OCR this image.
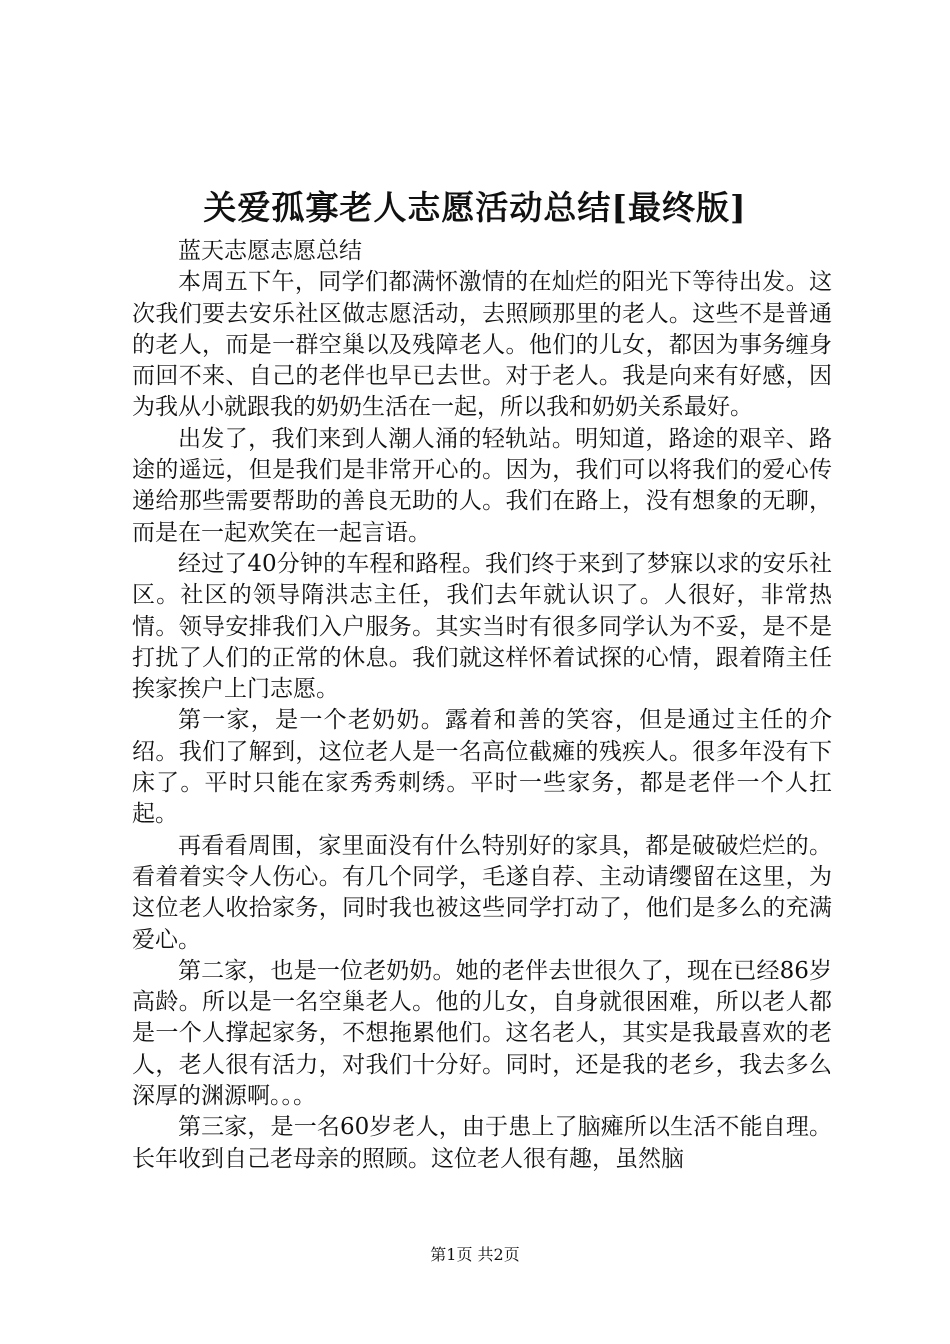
关爱孤寡老人志愿活动总结[最终版]

蓝天志愿志愿总结

本周五下午，同学们都满怀激情的在灿烂的阳光下等待出发。这次我们要去安乐社区做志愿活动，去照顾那里的老人。这些不是普通的老人，而是一群空巢以及残障老人。他们的儿女，都因为事务缠身而回不来、自己的老伴也早已去世。对于老人。我是向来有好感，因为我从小就跟我的奶奶生活在一起，所以我和奶奶关系最好。

出发了，我们来到人潮人涌的轻轨站。明知道，路途的艰辛、路途的遥远，但是我们是非常开心的。因为，我们可以将我们的爱心传递给那些需要帮助的善良无助的人。我们在路上，没有想象的无聊，而是在一起欢笑在一起言语。

经过了40分钟的车程和路程。我们终于来到了梦寐以求的安乐社区。社区的领导隋洪志主任，我们去年就认识了。人很好，非常热情。领导安排我们入户服务。其实当时有很多同学认为不妥，是不是打扰了人们的正常的休息。我们就这样怀着试探的心情，跟着隋主任挨家挨户上门志愿。

第一家，是一个老奶奶。露着和善的笑容，但是通过主任的介绍。我们了解到，这位老人是一名高位截瘫的残疾人。很多年没有下床了。平时只能在家秀秀刺绣。平时一些家务，都是老伴一个人扛起。

再看看周围，家里面没有什么特别好的家具，都是破破烂烂的。看着着实令人伤心。有几个同学，毛遂自荐、主动请缨留在这里，为这位老人收拾家务，同时我也被这些同学打动了，他们是多么的充满爱心。

第二家，也是一位老奶奶。她的老伴去世很久了，现在已经86岁高龄。所以是一名空巢老人。他的儿女，自身就很困难，所以老人都是一个人撑起家务，不想拖累他们。这名老人，其实是我最喜欢的老人，老人很有活力，对我们十分好。同时，还是我的老乡，我去多么深厚的渊源啊。。。

第三家，是一名60岁老人，由于患上了脑瘫所以生活不能自理。长年收到自己老母亲的照顾。这位老人很有趣，虽然脑

第1页 共2页
